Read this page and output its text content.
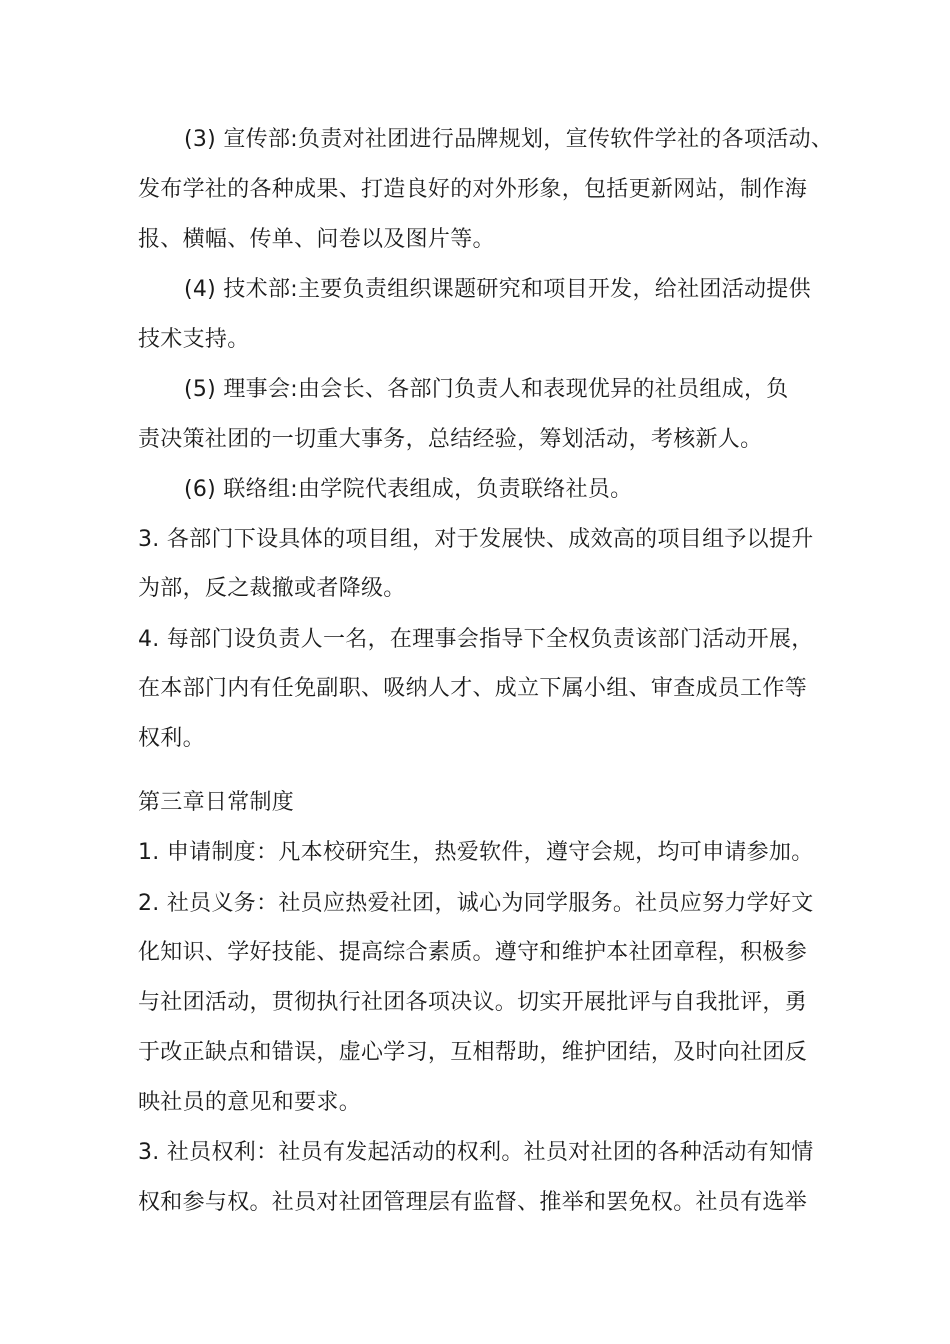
(3) 宣传部:负责对社团进行品牌规划，宣传软件学社的各项活动、
发布学社的各种成果、打造良好的对外形象，包括更新网站，制作海
报、横幅、传单、问卷以及图片等。
(4) 技术部:主要负责组织课题研究和项目开发，给社团活动提供
技术支持。
(5) 理事会:由会长、各部门负责人和表现优异的社员组成，负
责决策社团的一切重大事务，总结经验，筹划活动，考核新人。
(6) 联络组:由学院代表组成，负责联络社员。
3. 各部门下设具体的项目组，对于发展快、成效高的项目组予以提升
为部，反之裁撤或者降级。
4. 每部门设负责人一名，在理事会指导下全权负责该部门活动开展，
在本部门内有任免副职、吸纳人才、成立下属小组、审查成员工作等
权利。
第三章日常制度
1. 申请制度：凡本校研究生，热爱软件，遵守会规，均可申请参加。
2. 社员义务：社员应热爱社团，诚心为同学服务。社员应努力学好文
化知识、学好技能、提高综合素质。遵守和维护本社团章程，积极参
与社团活动，贯彻执行社团各项决议。切实开展批评与自我批评，勇
于改正缺点和错误，虚心学习，互相帮助，维护团结，及时向社团反
映社员的意见和要求。
3. 社员权利：社员有发起活动的权利。社员对社团的各种活动有知情
权和参与权。社员对社团管理层有监督、推举和罢免权。社员有选举
